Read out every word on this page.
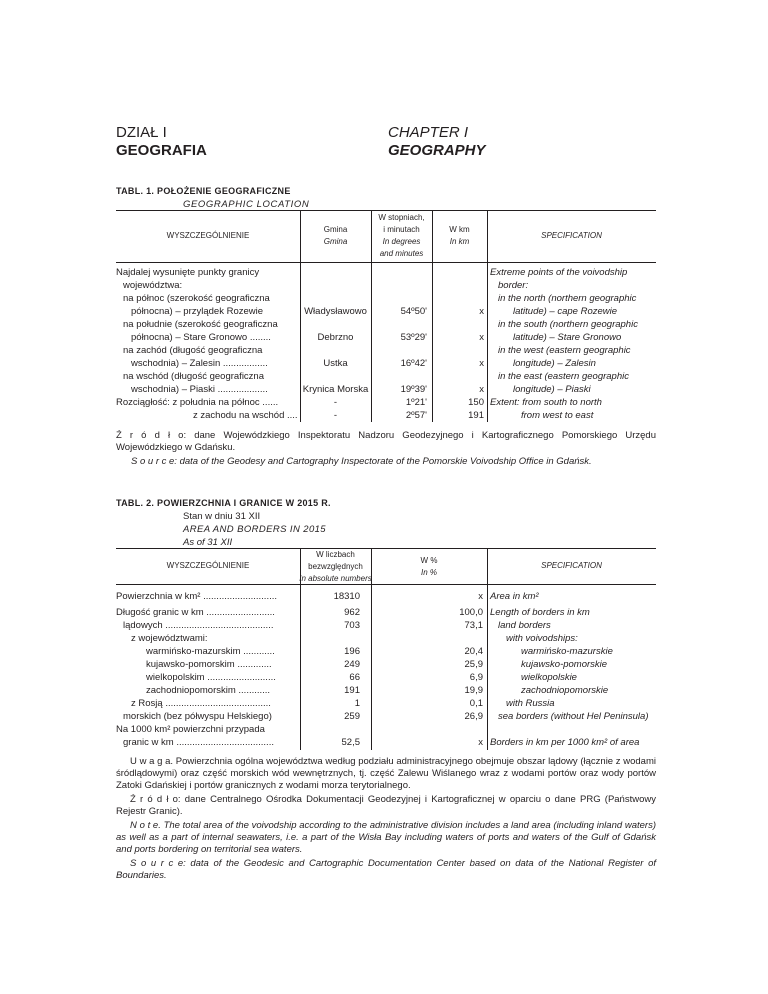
DZIAŁ I
GEOGRAFIA
CHAPTER I
GEOGRAPHY
TABL. 1. POŁOŻENIE GEOGRAFICZNE
GEOGRAPHIC LOCATION
WYSZCZEGÓLNIENIE
Gmina
Gmina
W stopniach,
i minutach
In degrees
and minutes
W km
In km
SPECIFICATION
Najdalej wysunięte punkty granicy
województwa:
na północ (szerokość geograficzna
północna) – przylądek Rozewie
na południe (szerokość geograficzna
północna) – Stare Gronowo ........
na zachód (długość geograficzna
wschodnia) – Zalesin .................
na wschód (długość geograficzna
wschodnia) – Piaski ...................
Rozciągłość: z południa na północ ......
z zachodu na wschód ....
Władysławowo
Debrzno
Ustka
Krynica Morska
-
-
54º50'
53º29'
16º42'
19º39'
1º21'
2º57'
x
x
x
x
150
191
Extreme points of the voivodship
border:
in the north (northern geographic
latitude) – cape Rozewie
in the south (northern geographic
latitude) – Stare Gronowo
in the west (eastern geographic
longitude) – Zalesin
in the east (eastern geographic
longitude) – Piaski
Extent: from south to north
from west to east
Ź r ó d ł o: dane Wojewódzkiego Inspektoratu Nadzoru Geodezyjnego i Kartograficznego Pomorskiego Urzędu
Wojewódzkiego w Gdańsku.
S o u r c e: data of the Geodesy and Cartography Inspectorate of the Pomorskie Voivodship Office in Gdańsk.
TABL. 2. POWIERZCHNIA I GRANICE W 2015 R.
Stan w dniu 31 XII
AREA AND BORDERS IN 2015
As of 31 XII
WYSZCZEGÓLNIENIE
W liczbach
bezwzględnych
In absolute numbers
W %
In %
SPECIFICATION
Powierzchnia w km² ............................
Długość granic w km ..........................
lądowych .........................................
z województwami:
warmińsko-mazurskim ............
kujawsko-pomorskim .............
wielkopolskim ..........................
zachodniopomorskim ............
z Rosją ........................................
morskich (bez półwyspu Helskiego)
Na 1000 km² powierzchni przypada
granic w km .....................................
18310
962
703
196
249
66
191
1
259
52,5
x
100,0
73,1
20,4
25,9
6,9
19,9
0,1
26,9
x
Area in km²
Length of borders in km
land borders
with voivodships:
warmińsko-mazurskie
kujawsko-pomorskie
wielkopolskie
zachodniopomorskie
with Russia
sea borders (without Hel Peninsula)
Borders in km per 1000 km² of area
U w a g a. Powierzchnia ogólna województwa według podziału administracyjnego obejmuje obszar lądowy (łącznie z wodami śródlądowymi) oraz część morskich wód wewnętrznych, tj. część Zalewu Wiślanego wraz z wodami portów oraz wody portów Zatoki Gdańskiej i portów granicznych z wodami morza terytorialnego.
Ź r ó d ł o: dane Centralnego Ośrodka Dokumentacji Geodezyjnej i Kartograficznej w oparciu o dane PRG (Państwowy Rejestr Granic).
N o t e. The total area of the voivodship according to the administrative division includes a land area (including inland waters) as well as a part of internal seawaters, i.e. a part of the Wisła Bay including waters of ports and waters of the Gulf of Gdańsk and ports bordering on territorial sea waters.
S o u r c e: data of the Geodesic and Cartographic Documentation Center based on data of the National Register of Boundaries.
